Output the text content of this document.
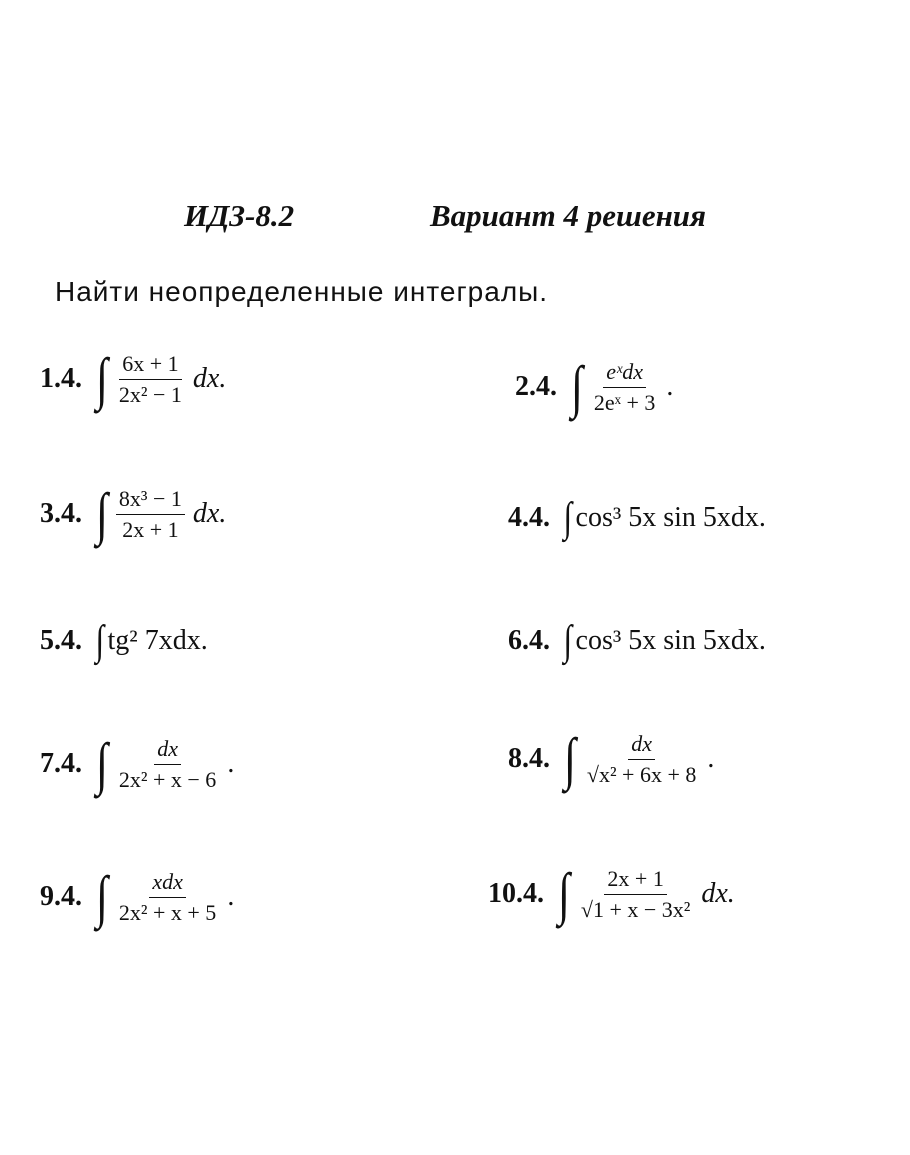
ИДЗ-8.2	Вариант 4 решения
Найти неопределенные интегралы.
1.4. ∫ $\frac{6x + 1}{\text{2x² − 1}}$ dx.	2.4. ∫ $\frac{\text{eˣdx}}{\text{2eˣ + 3}}$ .
3.4. ∫ $\frac{\text{8x³ − 1}}{2x + 1}$ dx.	4.4. ∫ cos³ 5x sin 5xdx.
5.4. ∫ tg² 7xdx.	6.4. ∫ cos³ 5x sin 5xdx.
7.4. ∫ $\frac{dx}{\text{2x² + x − 6}}$ .	8.4. ∫ $\frac{dx}{\text{√x² + 6x + 8}}$ .
9.4. ∫ $\frac{\text{xdx}}{\text{2x² + x + 5}}$ .	10.4. ∫ $\frac{2x + 1}{\text{√1 + x − 3x²}}$ dx.
